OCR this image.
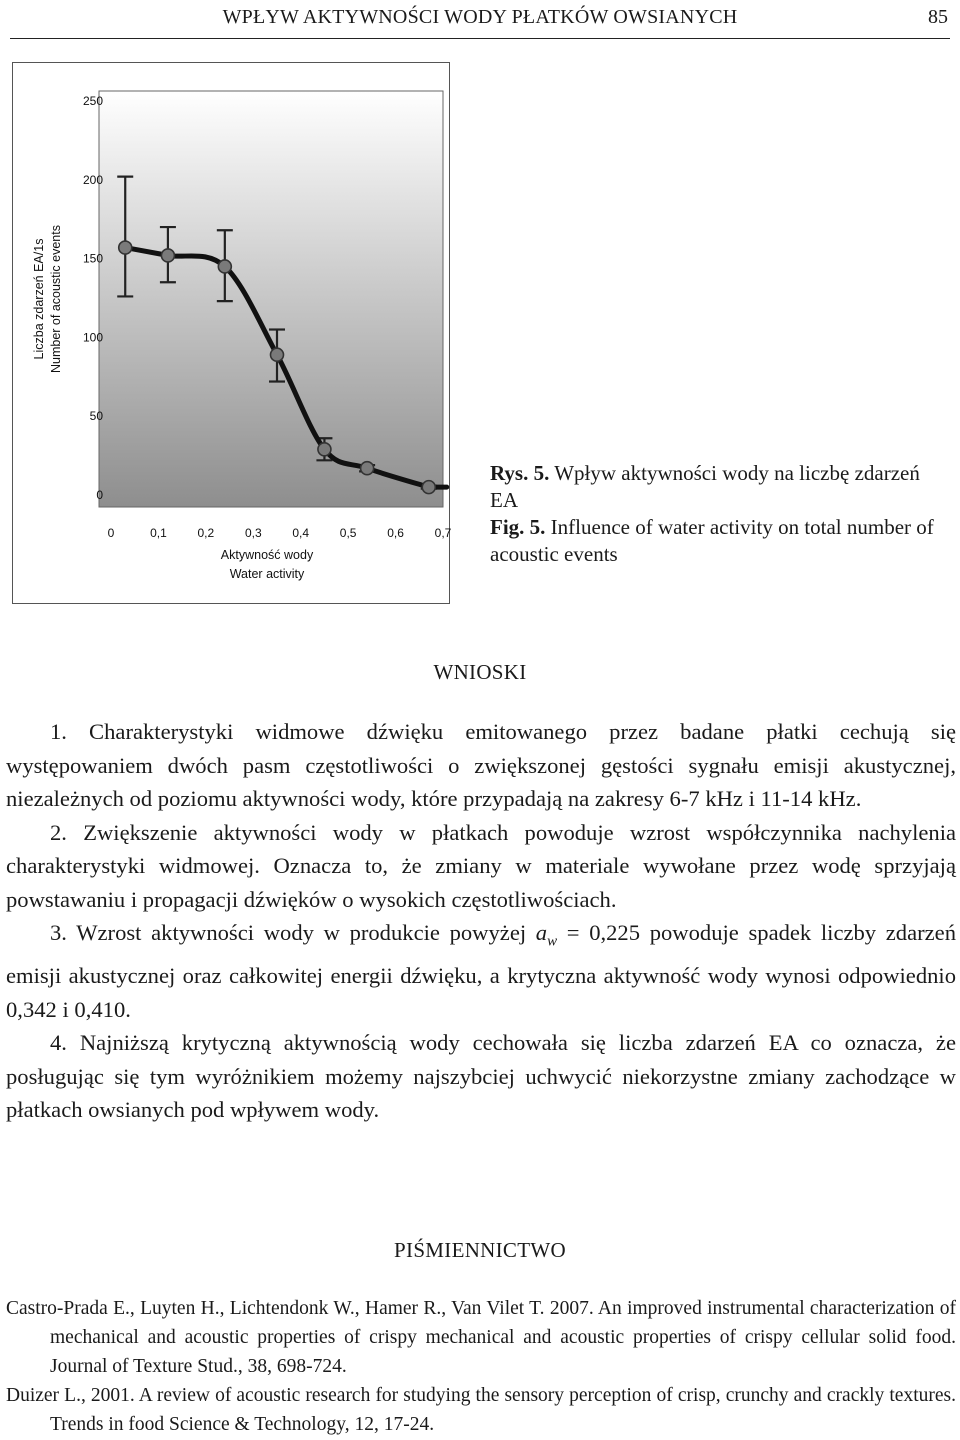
WPŁYW AKTYWNOŚCI WODY PŁATKÓW OWSIANYCH	85
0
50
100
150
200
250
0	0,1	0,2	0,3	0,4	0,5	0,6	0,7
Liczba zdarzeń EA/1s Number of acoustic events
Aktywność wody
Water activity
Rys. 5. Wpływ aktywności wody na liczbę zdarzeń EA
Fig. 5. Influence of water activity on total number of acoustic events
WNIOSKI

1. Charakterystyki widmowe dźwięku emitowanego przez badane płatki cechują się występowaniem dwóch pasm częstotliwości o zwiększonej gęstości sygnału emisji akustycznej, niezależnych od poziomu aktywności wody, które przypadają na zakresy 6-7 kHz i 11-14 kHz.

2. Zwiększenie aktywności wody w płatkach powoduje wzrost współczynnika nachylenia charakterystyki widmowej. Oznacza to, że zmiany w materiale wywołane przez wodę sprzyjają powstawaniu i propagacji dźwięków o wysokich częstotliwościach.

3. Wzrost aktywności wody w produkcie powyżej $a_w = 0,225$ powoduje spadek liczby zdarzeń emisji akustycznej oraz całkowitej energii dźwięku, a krytyczna aktywność wody wynosi odpowiednio 0,342 i 0,410.

4. Najniższą krytyczną aktywnością wody cechowała się liczba zdarzeń EA co oznacza, że posługując się tym wyróżnikiem możemy najszybciej uchwycić niekorzystne zmiany zachodzące w płatkach owsianych pod wpływem wody.

PIŚMIENNICTWO

Castro-Prada E., Luyten H., Lichtendonk W., Hamer R., Van Vilet T. 2007. An improved instrumental characterization of mechanical and acoustic properties of crispy mechanical and acoustic properties of crispy cellular solid food. Journal of Texture Stud., 38, 698-724.

Duizer L., 2001. A review of acoustic research for studying the sensory perception of crisp, crunchy and crackly textures. Trends in food Science & Technology, 12, 17-24.
